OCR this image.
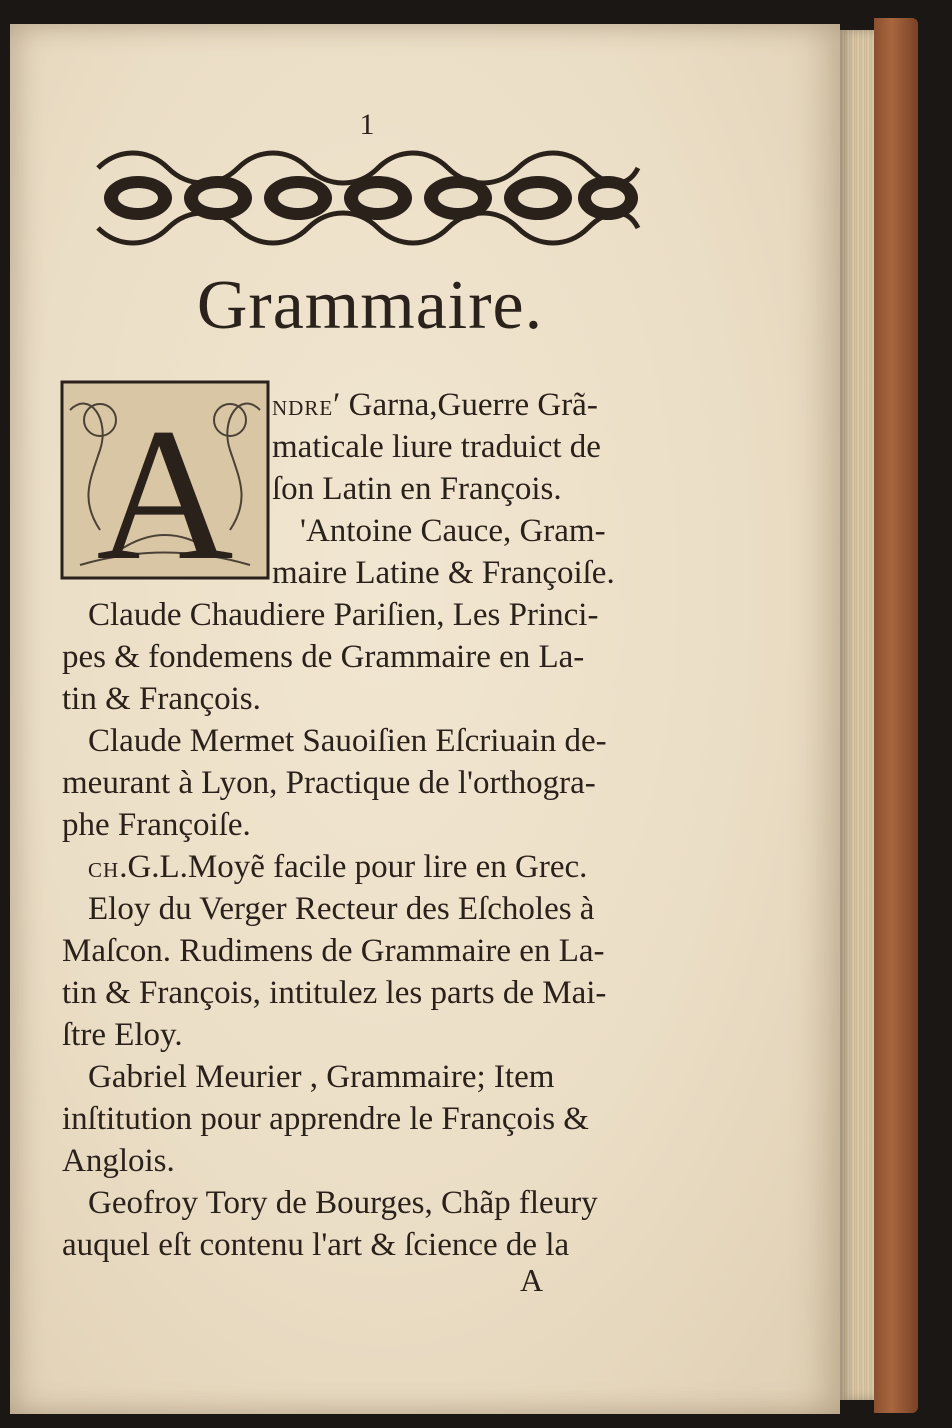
1
Grammaire.
A NDRE′ Garna,Guerre Grã-
maticale liure traduict de
ſon Latin en François.
'Antoine Cauce, Gram-
maire Latine & Françoiſe.
Claude Chaudiere Pariſien, Les Princi-
pes & fondemens de Grammaire en La-
tin & François.
Claude Mermet Sauoiſien Eſcriuain de-
meurant à Lyon, Practique de l'orthogra-
phe Françoiſe.
CH.G.L.Moyẽ facile pour lire en Grec.
Eloy du Verger Recteur des Eſcholes à
Maſcon. Rudimens de Grammaire en La-
tin & François, intitulez les parts de Mai-
ſtre Eloy.
Gabriel Meurier , Grammaire; Item
inſtitution pour apprendre le François &
Anglois.
Geofroy Tory de Bourges, Chãp fleury
auquel eſt contenu l'art & ſcience de la
A
